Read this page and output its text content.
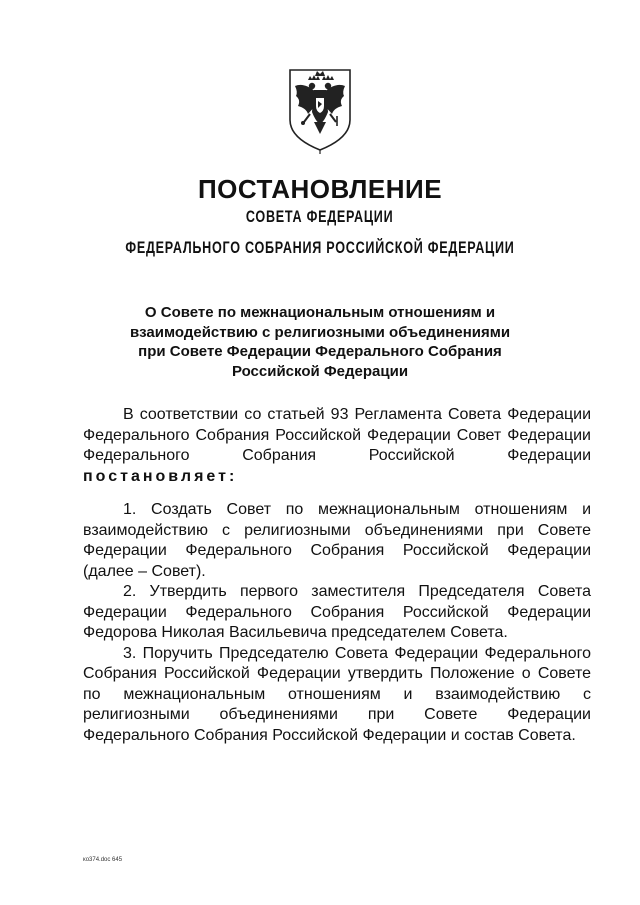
ПОСТАНОВЛЕНИЕ
СОВЕТА ФЕДЕРАЦИИ
ФЕДЕРАЛЬНОГО СОБРАНИЯ РОССИЙСКОЙ ФЕДЕРАЦИИ
О Совете по межнациональным отношениям и
взаимодействию с религиозными объединениями
при Совете Федерации Федерального Собрания
Российской Федерации
В соответствии со статьей 93 Регламента Совета Федерации
Федерального Собрания Российской Федерации Совет Федерации
Федерального	Собрания	Российской	Федерации
постановляет:
1. Создать Совет по межнациональным отношениям и
взаимодействию с религиозными объединениями при Совете
Федерации Федерального Собрания Российской Федерации
(далее – Совет).
2. Утвердить первого заместителя Председателя Совета
Федерации Федерального Собрания Российской Федерации
Федорова Николая Васильевича председателем Совета.
3. Поручить Председателю Совета Федерации Федерального
Собрания Российской Федерации утвердить Положение о Совете
по межнациональным отношениям и взаимодействию с
религиозными объединениями при Совете Федерации
Федерального Собрания Российской Федерации и состав Совета.
ко374.doc 645
